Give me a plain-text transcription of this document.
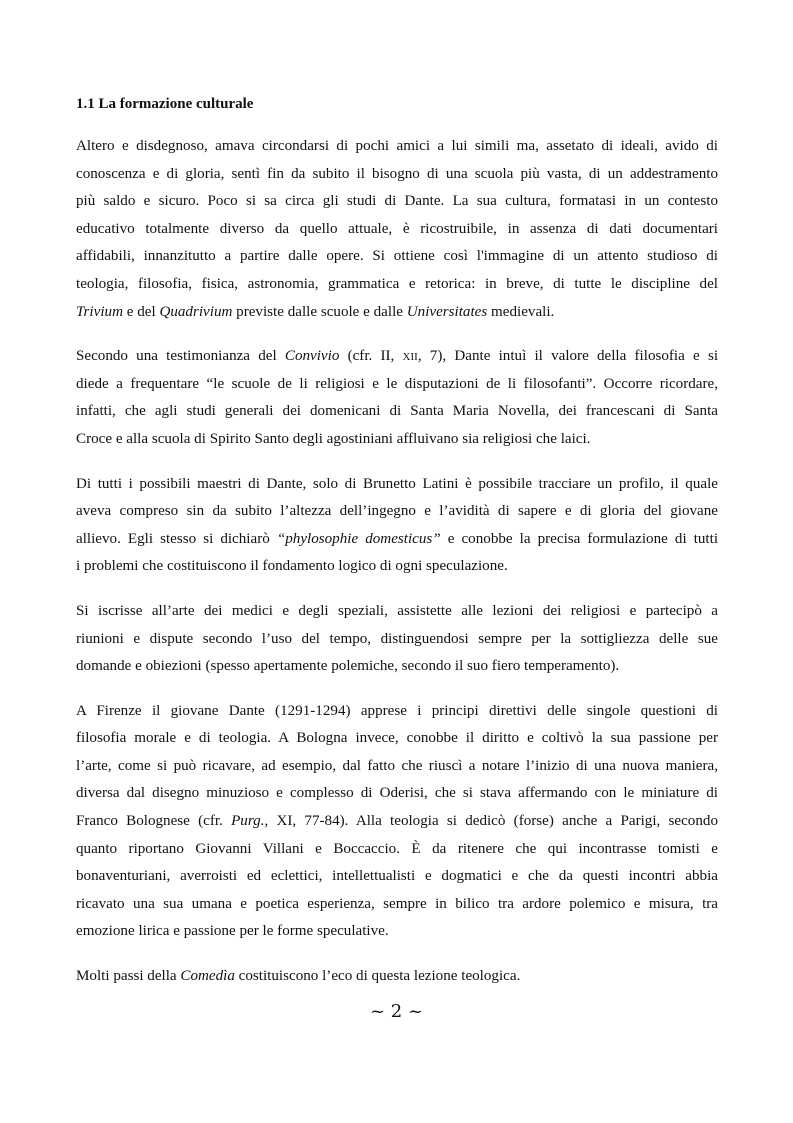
1.1 La formazione culturale

Altero e disdegnoso, amava circondarsi di pochi amici a lui simili ma, assetato di ideali, avido di
conoscenza e di gloria, sentì fin da subito il bisogno di una scuola più vasta, di un addestramento
più saldo e sicuro. Poco si sa circa gli studi di Dante. La sua cultura, formatasi in un contesto
educativo totalmente diverso da quello attuale, è ricostruibile, in assenza di dati documentari
affidabili, innanzitutto a partire dalle opere. Si ottiene così l'immagine di un attento studioso di
teologia, filosofia, fisica, astronomia, grammatica e retorica: in breve, di tutte le discipline del
Trivium e del Quadrivium previste dalle scuole e dalle Universitates medievali.

Secondo una testimonianza del Convivio (cfr. II, xii, 7), Dante intuì il valore della filosofia e si
diede a frequentare “le scuole de li religiosi e le disputazioni de li filosofanti”. Occorre ricordare,
infatti, che agli studi generali dei domenicani di Santa Maria Novella, dei francescani di Santa
Croce e alla scuola di Spirito Santo degli agostiniani affluivano sia religiosi che laici.

Di tutti i possibili maestri di Dante, solo di Brunetto Latini è possibile tracciare un profilo, il quale
aveva compreso sin da subito l’altezza dell’ingegno e l’avidità di sapere e di gloria del giovane
allievo. Egli stesso si dichiarò “phylosophie domesticus” e conobbe la precisa formulazione di tutti
i problemi che costituiscono il fondamento logico di ogni speculazione.

Si iscrisse all’arte dei medici e degli speziali, assistette alle lezioni dei religiosi e partecipò a
riunioni e dispute secondo l’uso del tempo, distinguendosi sempre per la sottigliezza delle sue
domande e obiezioni (spesso apertamente polemiche, secondo il suo fiero temperamento).

A Firenze il giovane Dante (1291-1294) apprese i principi direttivi delle singole questioni di
filosofia morale e di teologia. A Bologna invece, conobbe il diritto e coltivò la sua passione per
l’arte, come si può ricavare, ad esempio, dal fatto che riuscì a notare l’inizio di una nuova maniera,
diversa dal disegno minuzioso e complesso di Oderisi, che si stava affermando con le miniature di
Franco Bolognese (cfr. Purg., XI, 77-84). Alla teologia si dedicò (forse) anche a Parigi, secondo
quanto riportano Giovanni Villani e Boccaccio. È da ritenere che qui incontrasse tomisti e
bonaventuriani, averroisti ed eclettici, intellettualisti e dogmatici e che da questi incontri abbia
ricavato una sua umana e poetica esperienza, sempre in bilico tra ardore polemico e misura, tra
emozione lirica e passione per le forme speculative.

Molti passi della Comedìa costituiscono l’eco di questa lezione teologica.

~ 2 ~
